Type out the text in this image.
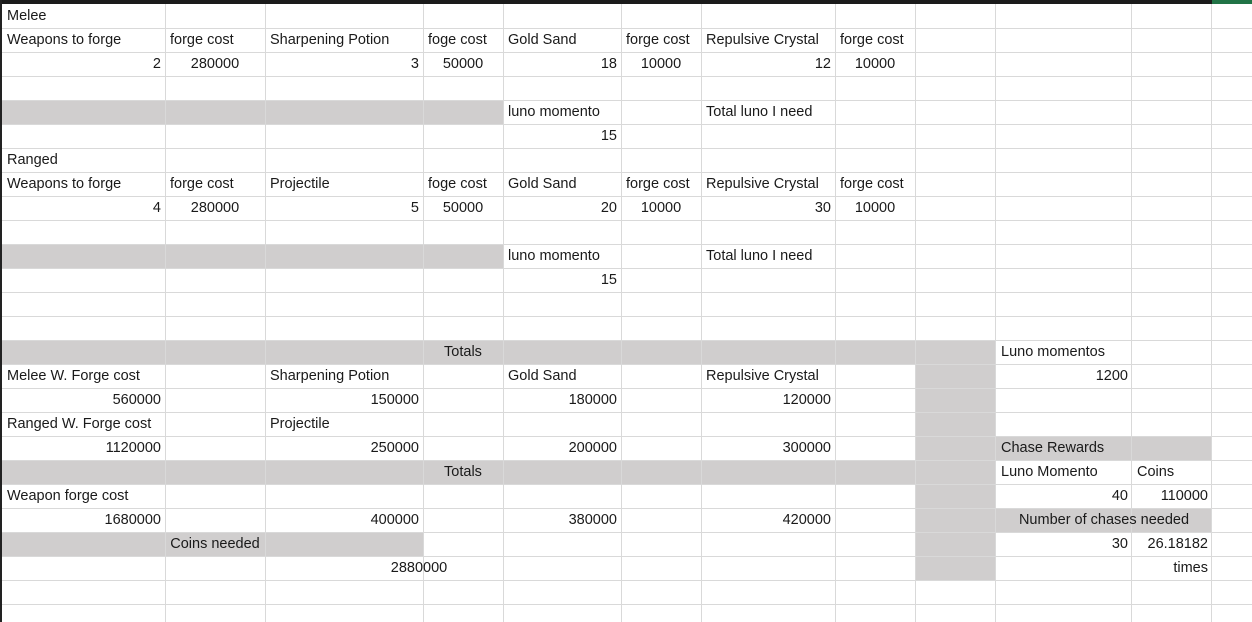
Melee
Weapons to forge	forge cost	Sharpening Potion	foge cost	Gold Sand	forge cost	Repulsive Crystal	forge cost
2	280000	3	50000	18	10000	12	10000
luno momento	Total luno I need
15
Ranged
Weapons to forge	forge cost	Projectile	foge cost	Gold Sand	forge cost	Repulsive Crystal	forge cost
4	280000	5	50000	20	10000	30	10000
luno momento	Total luno I need
15
Totals
Melee W. Forge cost	Sharpening Potion	Gold Sand	Repulsive Crystal
560000	150000	180000	120000
Ranged W. Forge cost	Projectile
1120000	250000	200000	300000
Totals
Weapon forge cost
1680000	400000	380000	420000
Coins needed
2880000
Luno momentos
1200
Chase Rewards
Luno Momento	Coins
40	110000
Number of chases needed
30	26.18182
times
